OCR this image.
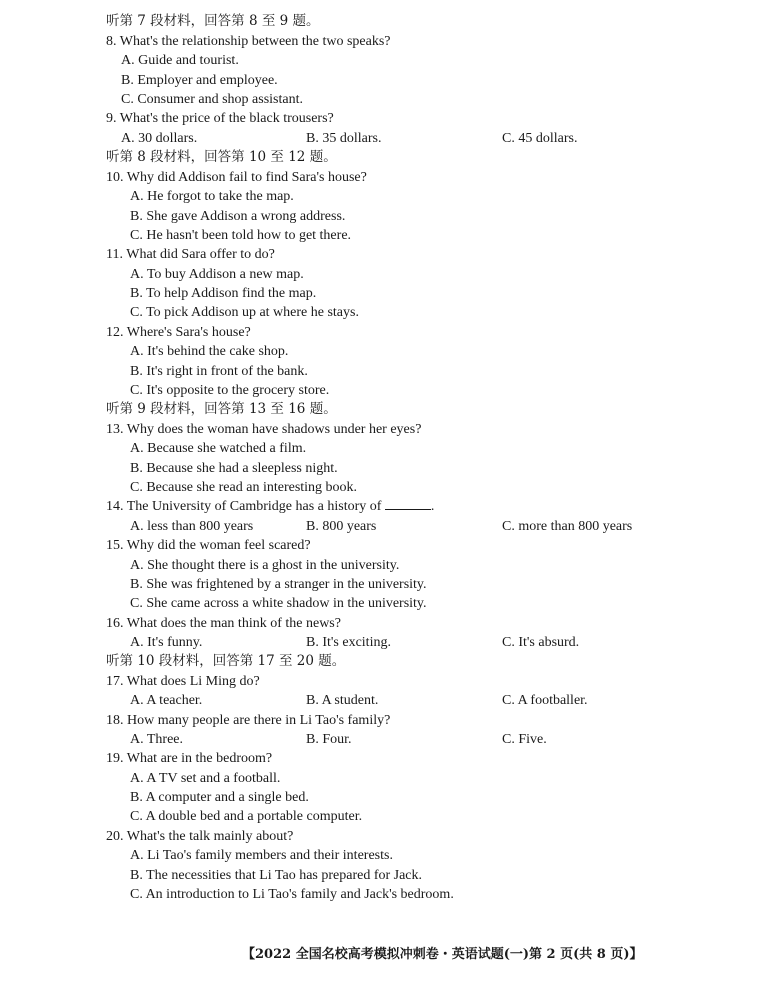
听第 7 段材料，回答第 8 至 9 题。
8. What's the relationship between the two speaks?
A. Guide and tourist.
B. Employer and employee.
C. Consumer and shop assistant.
9. What's the price of the black trousers?
A. 30 dollars.	B. 35 dollars.	C. 45 dollars.
听第 8 段材料，回答第 10 至 12 题。
10. Why did Addison fail to find Sara's house?
A. He forgot to take the map.
B. She gave Addison a wrong address.
C. He hasn't been told how to get there.
11. What did Sara offer to do?
A. To buy Addison a new map.
B. To help Addison find the map.
C. To pick Addison up at where he stays.
12. Where's Sara's house?
A. It's behind the cake shop.
B. It's right in front of the bank.
C. It's opposite to the grocery store.
听第 9 段材料，回答第 13 至 16 题。
13. Why does the woman have shadows under her eyes?
A. Because she watched a film.
B. Because she had a sleepless night.
C. Because she read an interesting book.
14. The University of Cambridge has a history of	.
A. less than 800 years	B. 800 years	C. more than 800 years
15. Why did the woman feel scared?
A. She thought there is a ghost in the university.
B. She was frightened by a stranger in the university.
C. She came across a white shadow in the university.
16. What does the man think of the news?
A. It's funny.	B. It's exciting.	C. It's absurd.
听第 10 段材料，回答第 17 至 20 题。
17. What does Li Ming do?
A. A teacher.	B. A student.	C. A footballer.
18. How many people are there in Li Tao's family?
A. Three.	B. Four.	C. Five.
19. What are in the bedroom?
A. A TV set and a football.
B. A computer and a single bed.
C. A double bed and a portable computer.
20. What's the talk mainly about?
A. Li Tao's family members and their interests.
B. The necessities that Li Tao has prepared for Jack.
C. An introduction to Li Tao's family and Jack's bedroom.
【2022 全国名校高考模拟冲刺卷・英语试题(一)第 2 页(共 8 页)】
